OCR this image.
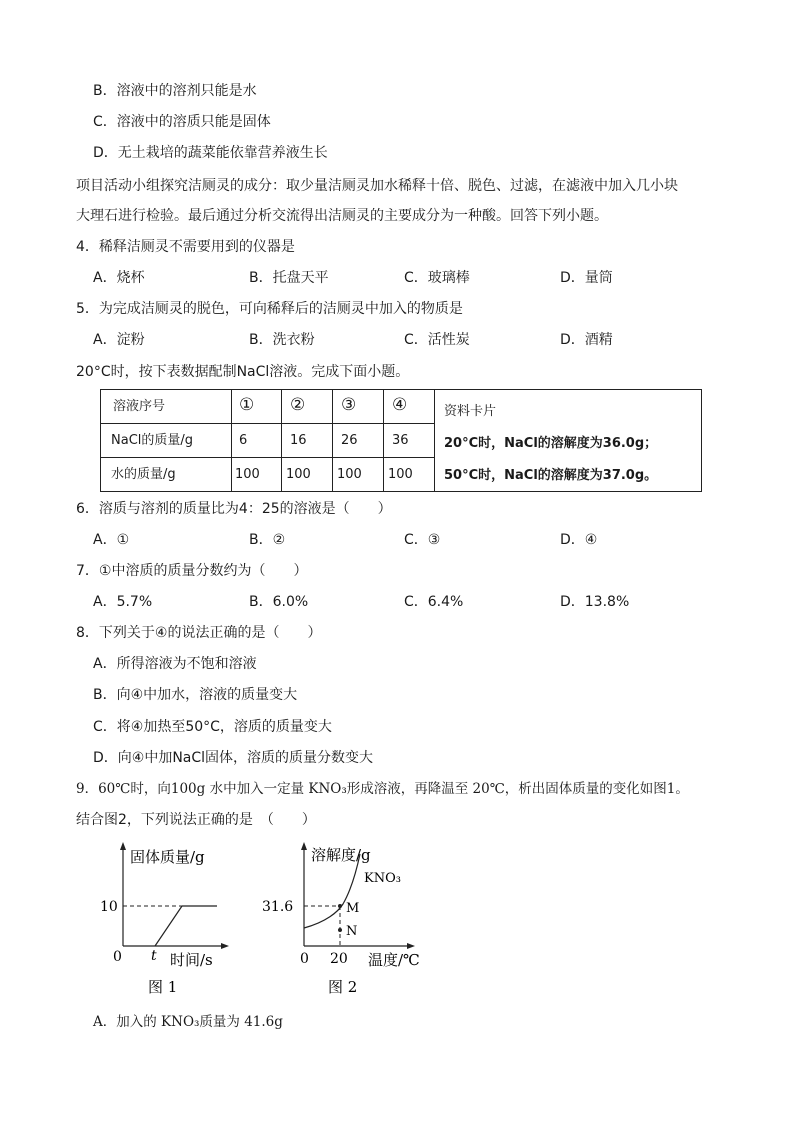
B．溶液中的溶剂只能是水
C．溶液中的溶质只能是固体
D．无土栽培的蔬菜能依靠营养液生长
项目活动小组探究洁厕灵的成分：取少量洁厕灵加水稀释十倍、脱色、过滤，在滤液中加入几小块
大理石进行检验。最后通过分析交流得出洁厕灵的主要成分为一种酸。回答下列小题。
4．稀释洁厕灵不需要用到的仪器是
A．烧杯	B．托盘天平	C．玻璃棒	D．量筒
5．为完成洁厕灵的脱色，可向稀释后的洁厕灵中加入的物质是
A．淀粉	B．洗衣粉	C．活性炭	D．酒精
20°C时，按下表数据配制NaCl溶液。完成下面小题。
溶液序号	① ② ③ ④
NaCl的质量/g	6	16	26	36
水的质量/g	100 100 100 100
资料卡片
20°C时，NaCl的溶解度为36.0g；
50°C时，NaCl的溶解度为37.0g。
6．溶质与溶剂的质量比为4：25的溶液是（　　）
A．①	B．②	C．③	D．④
7．①中溶质的质量分数约为（　　）
A．5.7%	B．6.0%	C．6.4%	D．13.8%
8．下列关于④的说法正确的是（　　）
A．所得溶液为不饱和溶液
B．向④中加水，溶液的质量变大
C．将④加热至50°C，溶质的质量变大
D．向④中加NaCl固体，溶质的质量分数变大
9．60℃时，向100g 水中加入一定量 KNO₃形成溶液，再降温至 20℃，析出固体质量的变化如图1。
结合图2，下列说法正确的是　（　　）
固体质量/g
10
0 t 时间/s
图 1
溶解度/g
KNO₃
31.6	M
N
0 20 温度/℃
图 2
A．加入的 KNO₃质量为 41.6g
